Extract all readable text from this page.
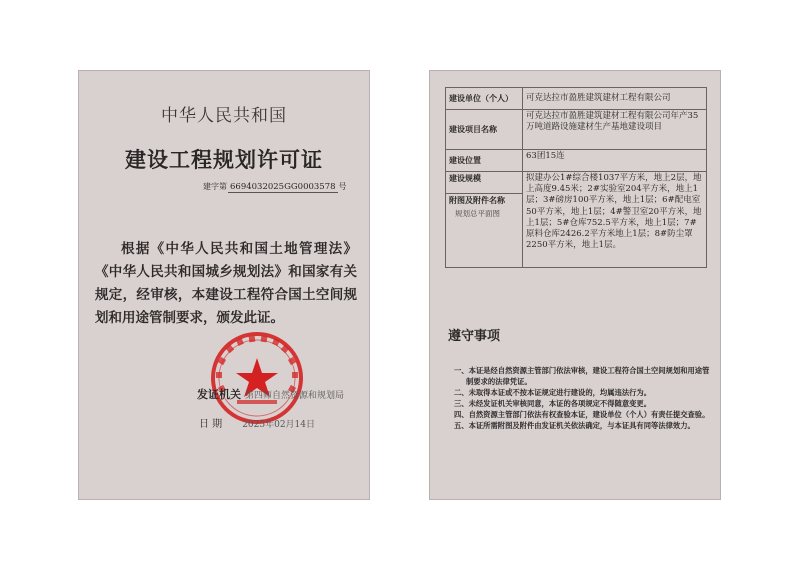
中华人民共和国
建设工程规划许可证
建字第 6694032025GG0003578 号
根据《中华人民共和国土地管理法》《中华人民共和国城乡规划法》和国家有关规定，经审核，本建设工程符合国土空间规划和用途管制要求，颁发此证。
发证机关 第四师自然资源和规划局
日 期 2025年02月14日
建设单位（个人）	可克达拉市盈胜建筑建材工程有限公司
建设项目名称	可克达拉市盈胜建筑建材工程有限公司年产35万吨道路设施建材生产基地建设项目
建设位置	63团15连
建设规模	拟建办公1#综合楼1037平方米，地上2层，地上高度9.45米；2#实验室204平方米，地上1层；3#磅房100平方米，地上1层；6#配电室50平方米，地上1层；4#警卫室20平方米，地上1层；5#仓库752.5平方米，地上1层；7#原料仓库2426.2平方米地上1层；8#防尘罩2250平方米，地上1层。
附图及附件名称
规划总平面图	
遵守事项
一、本证是经自然资源主管部门依法审核，建设工程符合国土空间规划和用途管制要求的法律凭证。
二、未取得本证或不按本证规定进行建设的，均属违法行为。
三、未经发证机关审核同意，本证的各项规定不得随意变更。
四、自然资源主管部门依法有权查验本证，建设单位（个人）有责任提交查验。
五、本证所需附图及附件由发证机关依法确定，与本证具有同等法律效力。
